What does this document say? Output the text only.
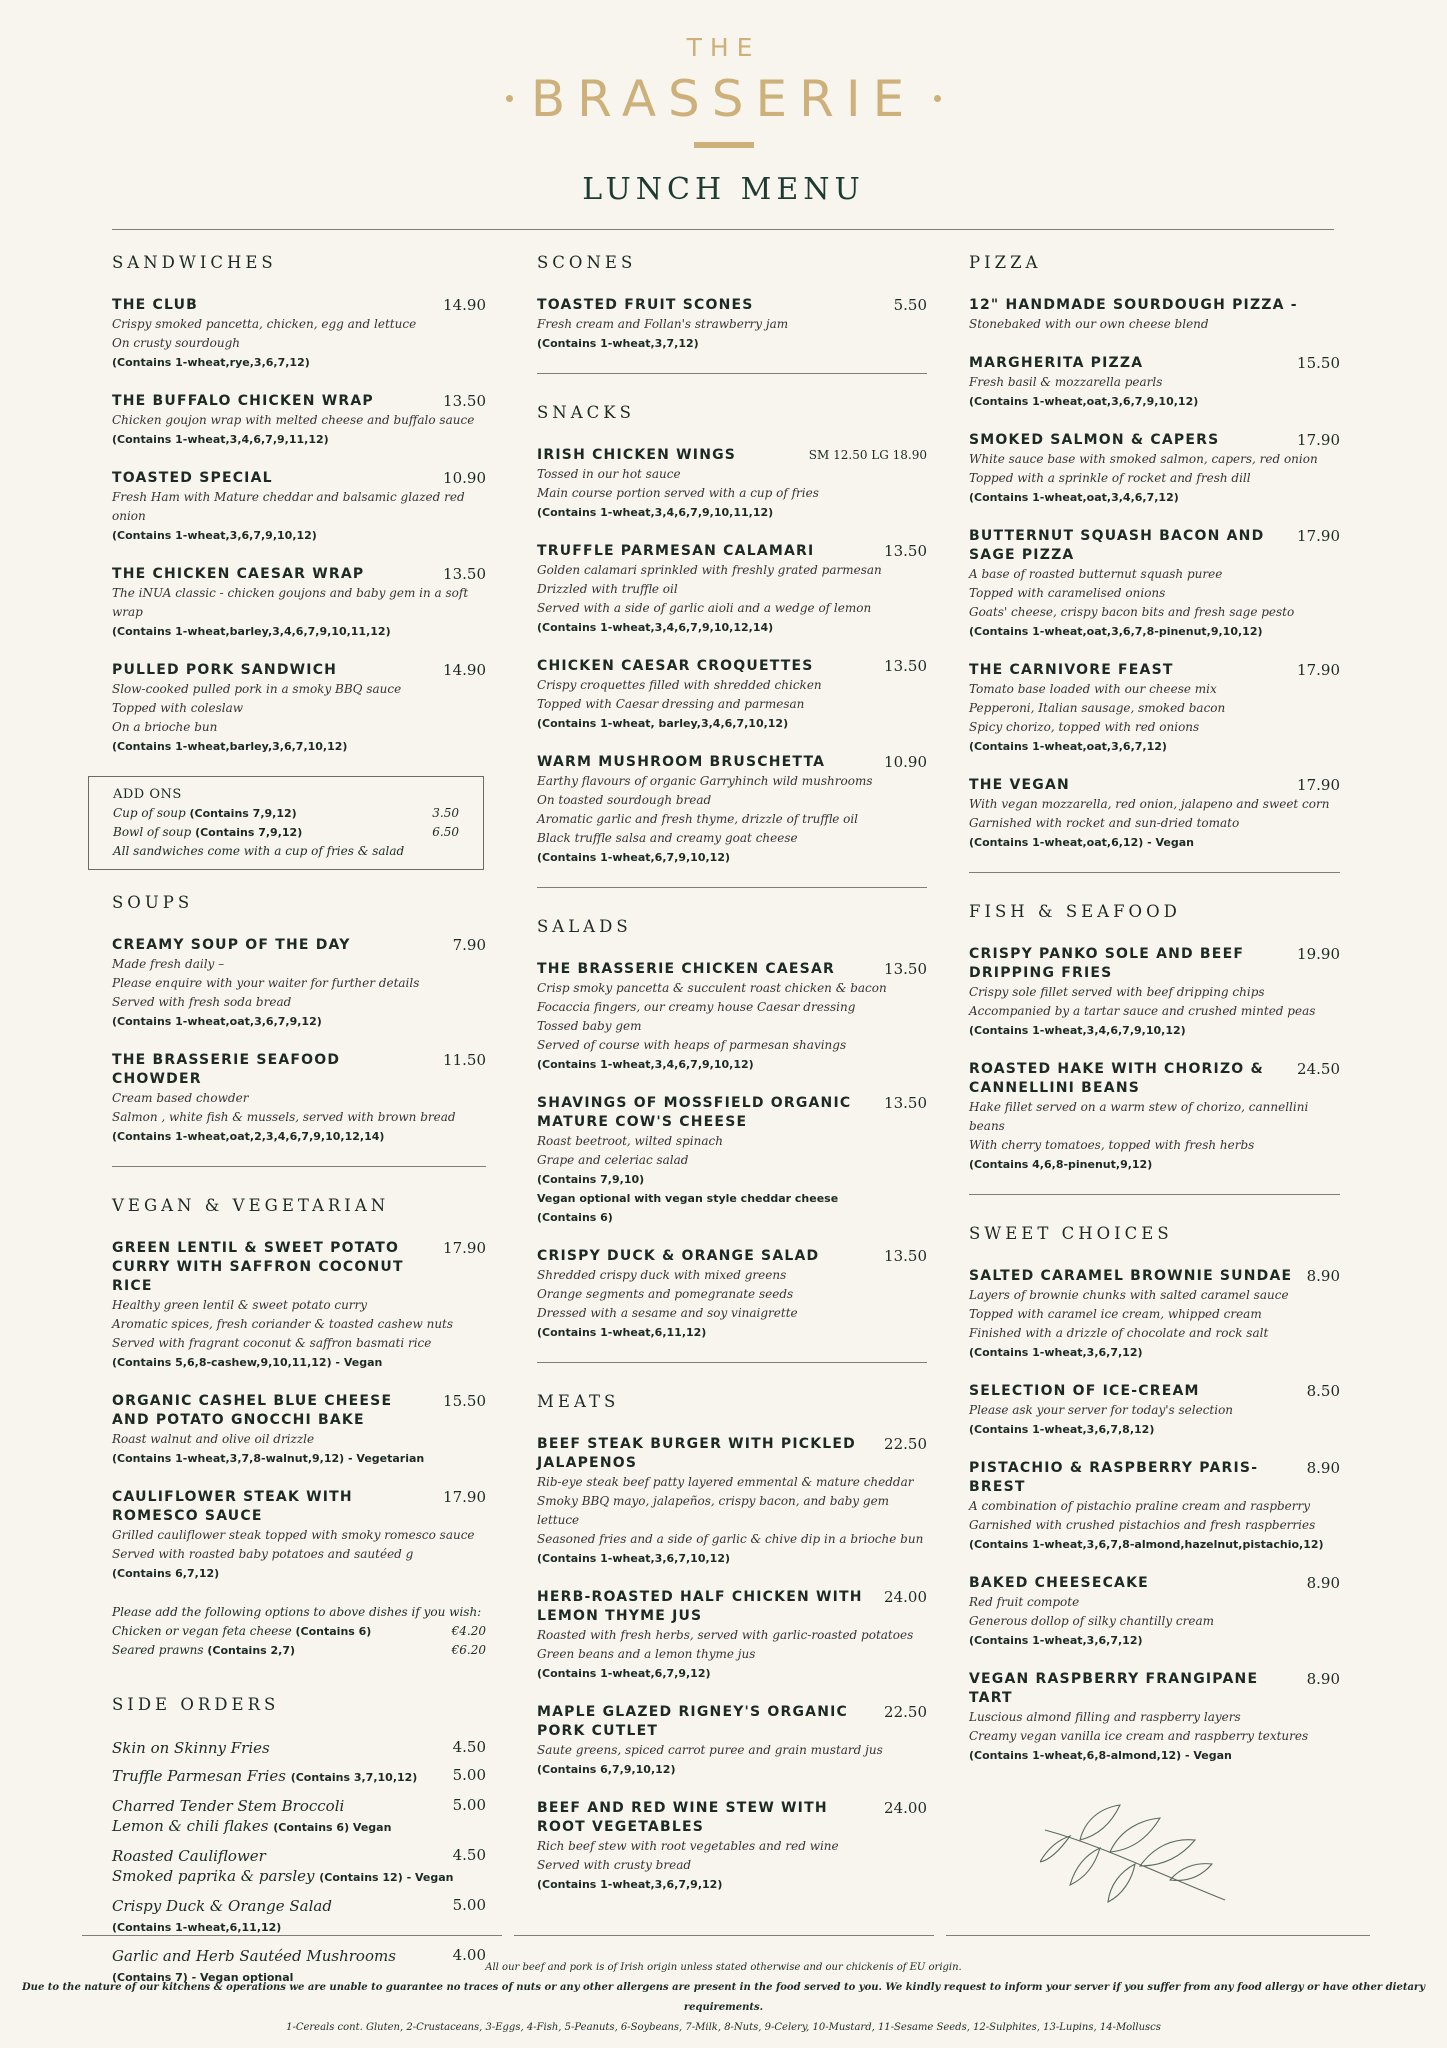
THE
BRASSERIE
LUNCH MENU
SANDWICHES
THE CLUB	14.90
Crispy smoked pancetta, chicken, egg and lettuce
On crusty sourdough
(Contains 1-wheat,rye,3,6,7,12)
THE BUFFALO CHICKEN WRAP	13.50
Chicken goujon wrap with melted cheese and buffalo sauce
(Contains 1-wheat,3,4,6,7,9,11,12)
TOASTED SPECIAL	10.90
Fresh Ham with Mature cheddar and balsamic glazed red onion
(Contains 1-wheat,3,6,7,9,10,12)
THE CHICKEN CAESAR WRAP	13.50
The iNUA classic - chicken goujons and baby gem in a soft wrap
(Contains 1-wheat,barley,3,4,6,7,9,10,11,12)
PULLED PORK SANDWICH	14.90
Slow-cooked pulled pork in a smoky BBQ sauce
Topped with coleslaw
On a brioche bun
(Contains 1-wheat,barley,3,6,7,10,12)
ADD ONS
Cup of soup (Contains 7,9,12)	3.50
Bowl of soup (Contains 7,9,12)	6.50
All sandwiches come with a cup of fries & salad
SOUPS
CREAMY SOUP OF THE DAY	7.90
Made fresh daily –
Please enquire with your waiter for further details
Served with fresh soda bread
(Contains 1-wheat,oat,3,6,7,9,12)
THE BRASSERIE SEAFOOD CHOWDER
11.50
Cream based chowder
Salmon , white fish & mussels, served with brown bread
(Contains 1-wheat,oat,2,3,4,6,7,9,10,12,14)
VEGAN & VEGETARIAN
GREEN LENTIL & SWEET POTATO CURRY WITH SAFFRON COCONUT RICE
17.90
Healthy green lentil & sweet potato curry
Aromatic spices, fresh coriander & toasted cashew nuts
Served with fragrant coconut & saffron basmati rice
(Contains 5,6,8-cashew,9,10,11,12) - Vegan
ORGANIC CASHEL BLUE CHEESE AND POTATO GNOCCHI BAKE
15.50
Roast walnut and olive oil drizzle
(Contains 1-wheat,3,7,8-walnut,9,12) - Vegetarian
CAULIFLOWER STEAK WITH ROMESCO SAUCE
17.90
Grilled cauliflower steak topped with smoky romesco sauce
Served with roasted baby potatoes and sautéed g
(Contains 6,7,12)
Please add the following options to above dishes if you wish:
Chicken or vegan feta cheese (Contains 6)	€4.20
Seared prawns (Contains 2,7)	€6.20
SIDE ORDERS
Skin on Skinny Fries	4.50
Truffle Parmesan Fries (Contains 3,7,10,12) 5.00
Charred Tender Stem Broccoli	5.00
Lemon & chili flakes (Contains 6) Vegan
Roasted Cauliflower	4.50
Smoked paprika & parsley (Contains 12) - Vegan
Crispy Duck & Orange Salad	5.00
(Contains 1-wheat,6,11,12)
Garlic and Herb Sautéed Mushrooms	4.00
(Contains 7) - Vegan optional
SCONES
TOASTED FRUIT SCONES	5.50
Fresh cream and Follan's strawberry jam
(Contains 1-wheat,3,7,12)
SNACKS
IRISH CHICKEN WINGS	SM 12.50 LG 18.90
Tossed in our hot sauce
Main course portion served with a cup of fries
(Contains 1-wheat,3,4,6,7,9,10,11,12)
TRUFFLE PARMESAN CALAMARI	13.50
Golden calamari sprinkled with freshly grated parmesan
Drizzled with truffle oil
Served with a side of garlic aioli and a wedge of lemon
(Contains 1-wheat,3,4,6,7,9,10,12,14)
CHICKEN CAESAR CROQUETTES	13.50
Crispy croquettes filled with shredded chicken
Topped with Caesar dressing and parmesan
(Contains 1-wheat, barley,3,4,6,7,10,12)
WARM MUSHROOM BRUSCHETTA	10.90
Earthy flavours of organic Garryhinch wild mushrooms
On toasted sourdough bread
Aromatic garlic and fresh thyme, drizzle of truffle oil
Black truffle salsa and creamy goat cheese
(Contains 1-wheat,6,7,9,10,12)
SALADS
THE BRASSERIE CHICKEN CAESAR	13.50
Crisp smoky pancetta & succulent roast chicken & bacon
Focaccia fingers, our creamy house Caesar dressing
Tossed baby gem
Served of course with heaps of parmesan shavings
(Contains 1-wheat,3,4,6,7,9,10,12)
SHAVINGS OF MOSSFIELD ORGANIC MATURE COW'S CHEESE
13.50
Roast beetroot, wilted spinach
Grape and celeriac salad
(Contains 7,9,10)
Vegan optional with vegan style cheddar cheese
(Contains 6)
CRISPY DUCK & ORANGE SALAD	13.50
Shredded crispy duck with mixed greens
Orange segments and pomegranate seeds
Dressed with a sesame and soy vinaigrette
(Contains 1-wheat,6,11,12)
MEATS
BEEF STEAK BURGER WITH PICKLED JALAPENOS
22.50
Rib-eye steak beef patty layered emmental & mature cheddar
Smoky BBQ mayo, jalapeños, crispy bacon, and baby gem lettuce
Seasoned fries and a side of garlic & chive dip in a brioche bun
(Contains 1-wheat,3,6,7,10,12)
HERB-ROASTED HALF CHICKEN WITH LEMON THYME JUS
24.00
Roasted with fresh herbs, served with garlic-roasted potatoes
Green beans and a lemon thyme jus
(Contains 1-wheat,6,7,9,12)
MAPLE GLAZED RIGNEY'S ORGANIC PORK CUTLET
22.50
Saute greens, spiced carrot puree and grain mustard jus
(Contains 6,7,9,10,12)
BEEF AND RED WINE STEW WITH ROOT VEGETABLES
24.00
Rich beef stew with root vegetables and red wine
Served with crusty bread
(Contains 1-wheat,3,6,7,9,12)
PIZZA
12" HANDMADE SOURDOUGH PIZZA -
Stonebaked with our own cheese blend
MARGHERITA PIZZA	15.50
Fresh basil & mozzarella pearls
(Contains 1-wheat,oat,3,6,7,9,10,12)
SMOKED SALMON & CAPERS	17.90
White sauce base with smoked salmon, capers, red onion
Topped with a sprinkle of rocket and fresh dill
(Contains 1-wheat,oat,3,4,6,7,12)
BUTTERNUT SQUASH BACON AND SAGE PIZZA
17.90
A base of roasted butternut squash puree
Topped with caramelised onions
Goats' cheese, crispy bacon bits and fresh sage pesto
(Contains 1-wheat,oat,3,6,7,8-pinenut,9,10,12)
THE CARNIVORE FEAST	17.90
Tomato base loaded with our cheese mix
Pepperoni, Italian sausage, smoked bacon
Spicy chorizo, topped with red onions
(Contains 1-wheat,oat,3,6,7,12)
THE VEGAN	17.90
With vegan mozzarella, red onion, jalapeno and sweet corn
Garnished with rocket and sun-dried tomato
(Contains 1-wheat,oat,6,12) - Vegan
FISH & SEAFOOD
CRISPY PANKO SOLE AND BEEF DRIPPING FRIES
19.90
Crispy sole fillet served with beef dripping chips
Accompanied by a tartar sauce and crushed minted peas
(Contains 1-wheat,3,4,6,7,9,10,12)
ROASTED HAKE WITH CHORIZO & CANNELLINI BEANS
24.50
Hake fillet served on a warm stew of chorizo, cannellini beans
With cherry tomatoes, topped with fresh herbs
(Contains 4,6,8-pinenut,9,12)
SWEET CHOICES
SALTED CARAMEL BROWNIE SUNDAE 8.90
Layers of brownie chunks with salted caramel sauce
Topped with caramel ice cream, whipped cream
Finished with a drizzle of chocolate and rock salt
(Contains 1-wheat,3,6,7,12)
SELECTION OF ICE-CREAM	8.50
Please ask your server for today's selection
(Contains 1-wheat,3,6,7,8,12)
PISTACHIO & RASPBERRY PARIS-BREST
8.90
A combination of pistachio praline cream and raspberry
Garnished with crushed pistachios and fresh raspberries
(Contains 1-wheat,3,6,7,8-almond,hazelnut,pistachio,12)
BAKED CHEESECAKE	8.90
Red fruit compote
Generous dollop of silky chantilly cream
(Contains 1-wheat,3,6,7,12)
VEGAN RASPBERRY FRANGIPANE TART
8.90
Luscious almond filling and raspberry layers
Creamy vegan vanilla ice cream and raspberry textures
(Contains 1-wheat,6,8-almond,12) - Vegan
All our beef and pork is of Irish origin unless stated otherwise and our chickenis of EU origin.
Due to the nature of our kitchens & operations we are unable to guarantee no traces of nuts or any other allergens are present in the food served to you. We kindly request to inform your server if you suffer from any food allergy or have other dietary requirements.
1-Cereals cont. Gluten, 2-Crustaceans, 3-Eggs, 4-Fish, 5-Peanuts, 6-Soybeans, 7-Milk, 8-Nuts, 9-Celery, 10-Mustard, 11-Sesame Seeds, 12-Sulphites, 13-Lupins, 14-Molluscs
